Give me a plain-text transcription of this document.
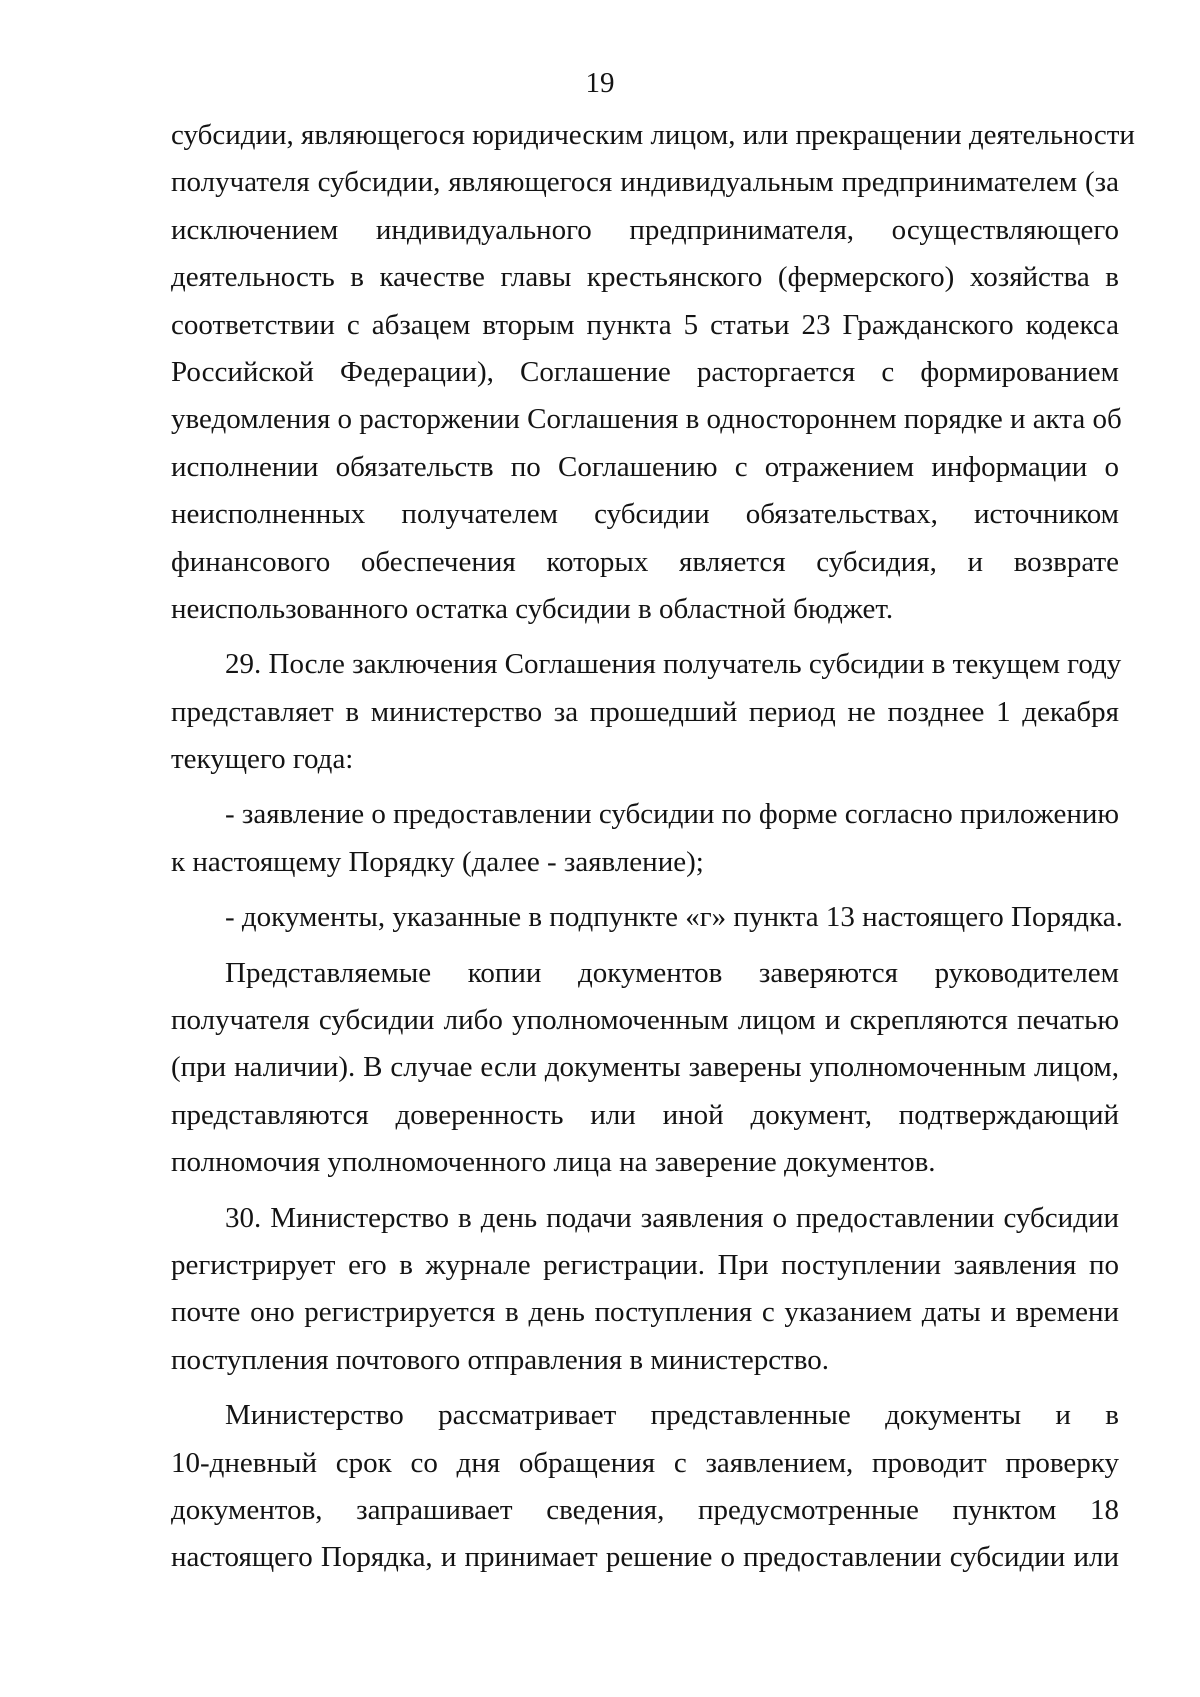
19

субсидии, являющегося юридическим лицом, или прекращении деятельности
получателя субсидии, являющегося индивидуальным предпринимателем (за
исключением индивидуального предпринимателя, осуществляющего
деятельность в качестве главы крестьянского (фермерского) хозяйства в
соответствии с абзацем вторым пункта 5 статьи 23 Гражданского кодекса
Российской Федерации), Соглашение расторгается с формированием
уведомления о расторжении Соглашения в одностороннем порядке и акта об
исполнении обязательств по Соглашению с отражением информации о
неисполненных получателем субсидии обязательствах, источником
финансового обеспечения которых является субсидия, и возврате
неиспользованного остатка субсидии в областной бюджет.

29. После заключения Соглашения получатель субсидии в текущем году
представляет в министерство за прошедший период не позднее 1 декабря
текущего года:

- заявление о предоставлении субсидии по форме согласно приложению
к настоящему Порядку (далее - заявление);

- документы, указанные в подпункте «г» пункта 13 настоящего Порядка.

Представляемые копии документов заверяются руководителем
получателя субсидии либо уполномоченным лицом и скрепляются печатью
(при наличии). В случае если документы заверены уполномоченным лицом,
представляются доверенность или иной документ, подтверждающий
полномочия уполномоченного лица на заверение документов.

30. Министерство в день подачи заявления о предоставлении субсидии
регистрирует его в журнале регистрации. При поступлении заявления по
почте оно регистрируется в день поступления с указанием даты и времени
поступления почтового отправления в министерство.

Министерство рассматривает представленные документы и в
10-дневный срок со дня обращения с заявлением, проводит проверку
документов, запрашивает сведения, предусмотренные пунктом 18
настоящего Порядка, и принимает решение о предоставлении субсидии или
